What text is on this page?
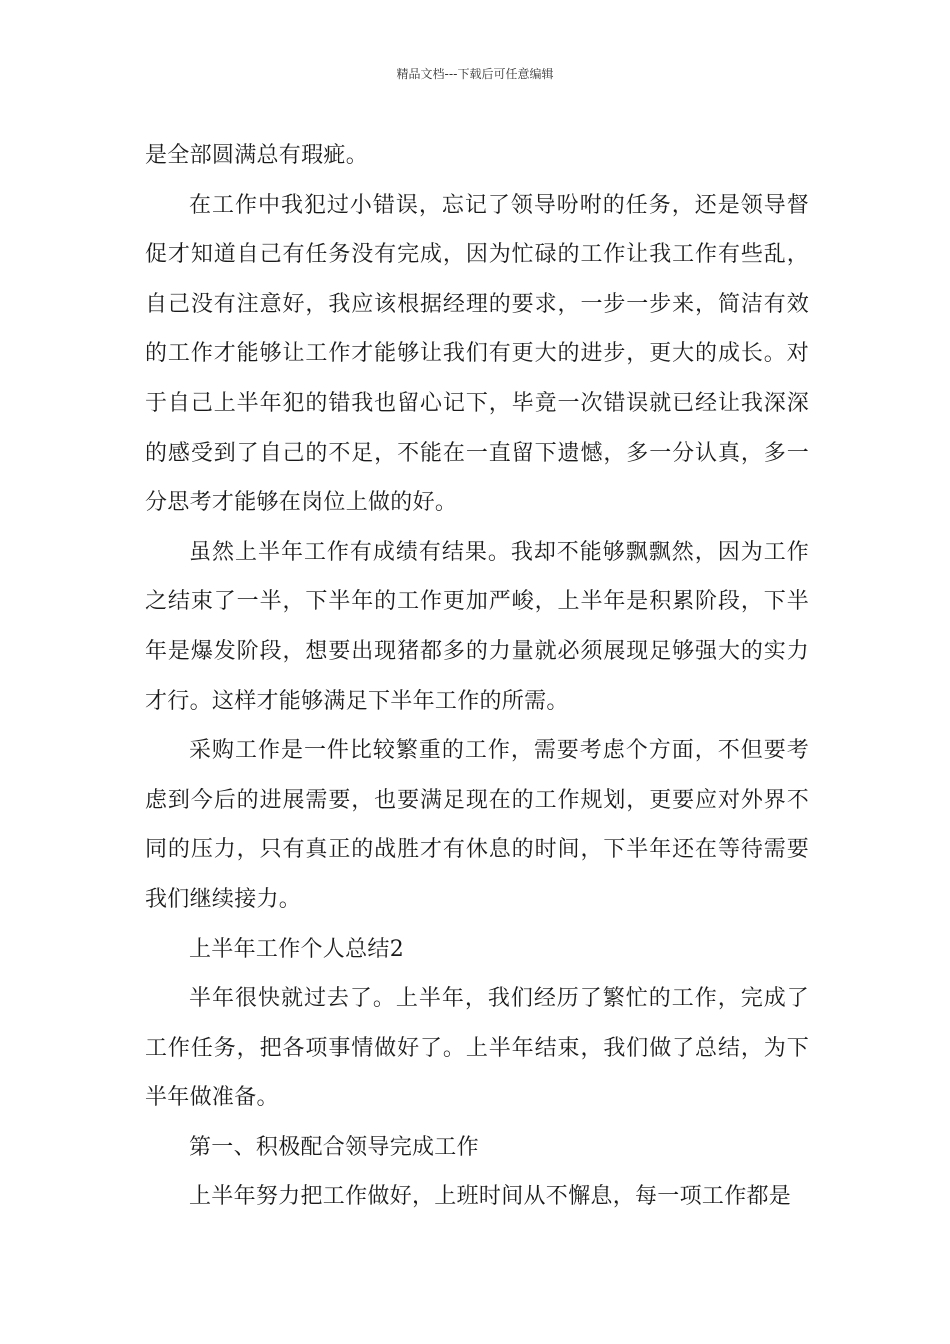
精品文档---下载后可任意编辑

是全部圆满总有瑕疵。

在工作中我犯过小错误，忘记了领导吩咐的任务，还是领导督促才知道自己有任务没有完成，因为忙碌的工作让我工作有些乱，自己没有注意好，我应该根据经理的要求，一步一步来，简洁有效的工作才能够让工作才能够让我们有更大的进步，更大的成长。对于自己上半年犯的错我也留心记下，毕竟一次错误就已经让我深深的感受到了自己的不足，不能在一直留下遗憾，多一分认真，多一分思考才能够在岗位上做的好。

虽然上半年工作有成绩有结果。我却不能够飘飘然，因为工作之结束了一半，下半年的工作更加严峻，上半年是积累阶段，下半年是爆发阶段，想要出现猪都多的力量就必须展现足够强大的实力才行。这样才能够满足下半年工作的所需。

采购工作是一件比较繁重的工作，需要考虑个方面，不但要考虑到今后的进展需要，也要满足现在的工作规划，更要应对外界不同的压力，只有真正的战胜才有休息的时间，下半年还在等待需要我们继续接力。

上半年工作个人总结2

半年很快就过去了。上半年，我们经历了繁忙的工作，完成了工作任务，把各项事情做好了。上半年结束，我们做了总结，为下半年做准备。

第一、积极配合领导完成工作

上半年努力把工作做好，上班时间从不懈息，每一项工作都是
